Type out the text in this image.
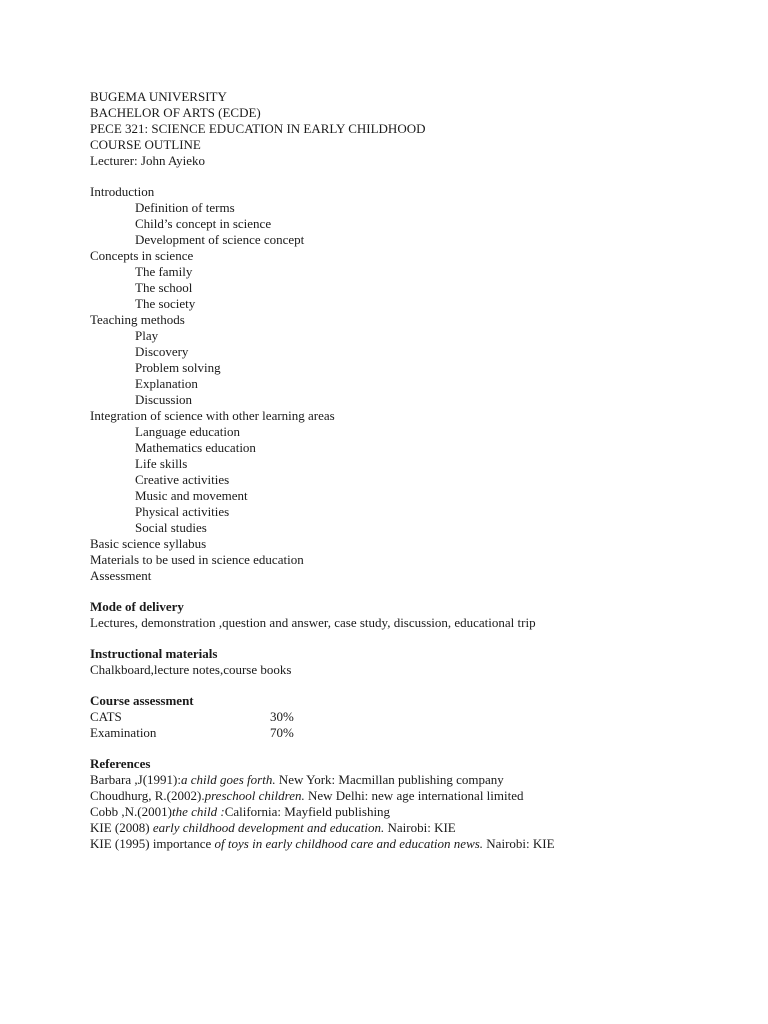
BUGEMA UNIVERSITY
BACHELOR OF ARTS (ECDE)
PECE 321: SCIENCE EDUCATION IN EARLY CHILDHOOD
COURSE OUTLINE
Lecturer: John Ayieko
Introduction
Definition of terms
Child’s concept in science
Development of science concept
Concepts in science
The family
The school
The society
Teaching methods
Play
Discovery
Problem solving
Explanation
Discussion
Integration of science with other learning areas
Language education
Mathematics education
Life skills
Creative activities
Music and movement
Physical activities
Social studies
Basic science syllabus
Materials to be used in science education
Assessment
Mode of delivery
Lectures, demonstration ,question and answer, case study, discussion, educational trip
Instructional materials
Chalkboard,lecture notes,course books
Course assessment
CATS	30%
Examination	70%
References
Barbara ,J(1991):a child goes forth. New York: Macmillan publishing company
Choudhurg, R.(2002).preschool children. New Delhi: new age international limited
Cobb ,N.(2001)the child :California: Mayfield publishing
KIE (2008) early childhood development and education. Nairobi: KIE
KIE (1995) importance of toys in early childhood care and education news. Nairobi: KIE
